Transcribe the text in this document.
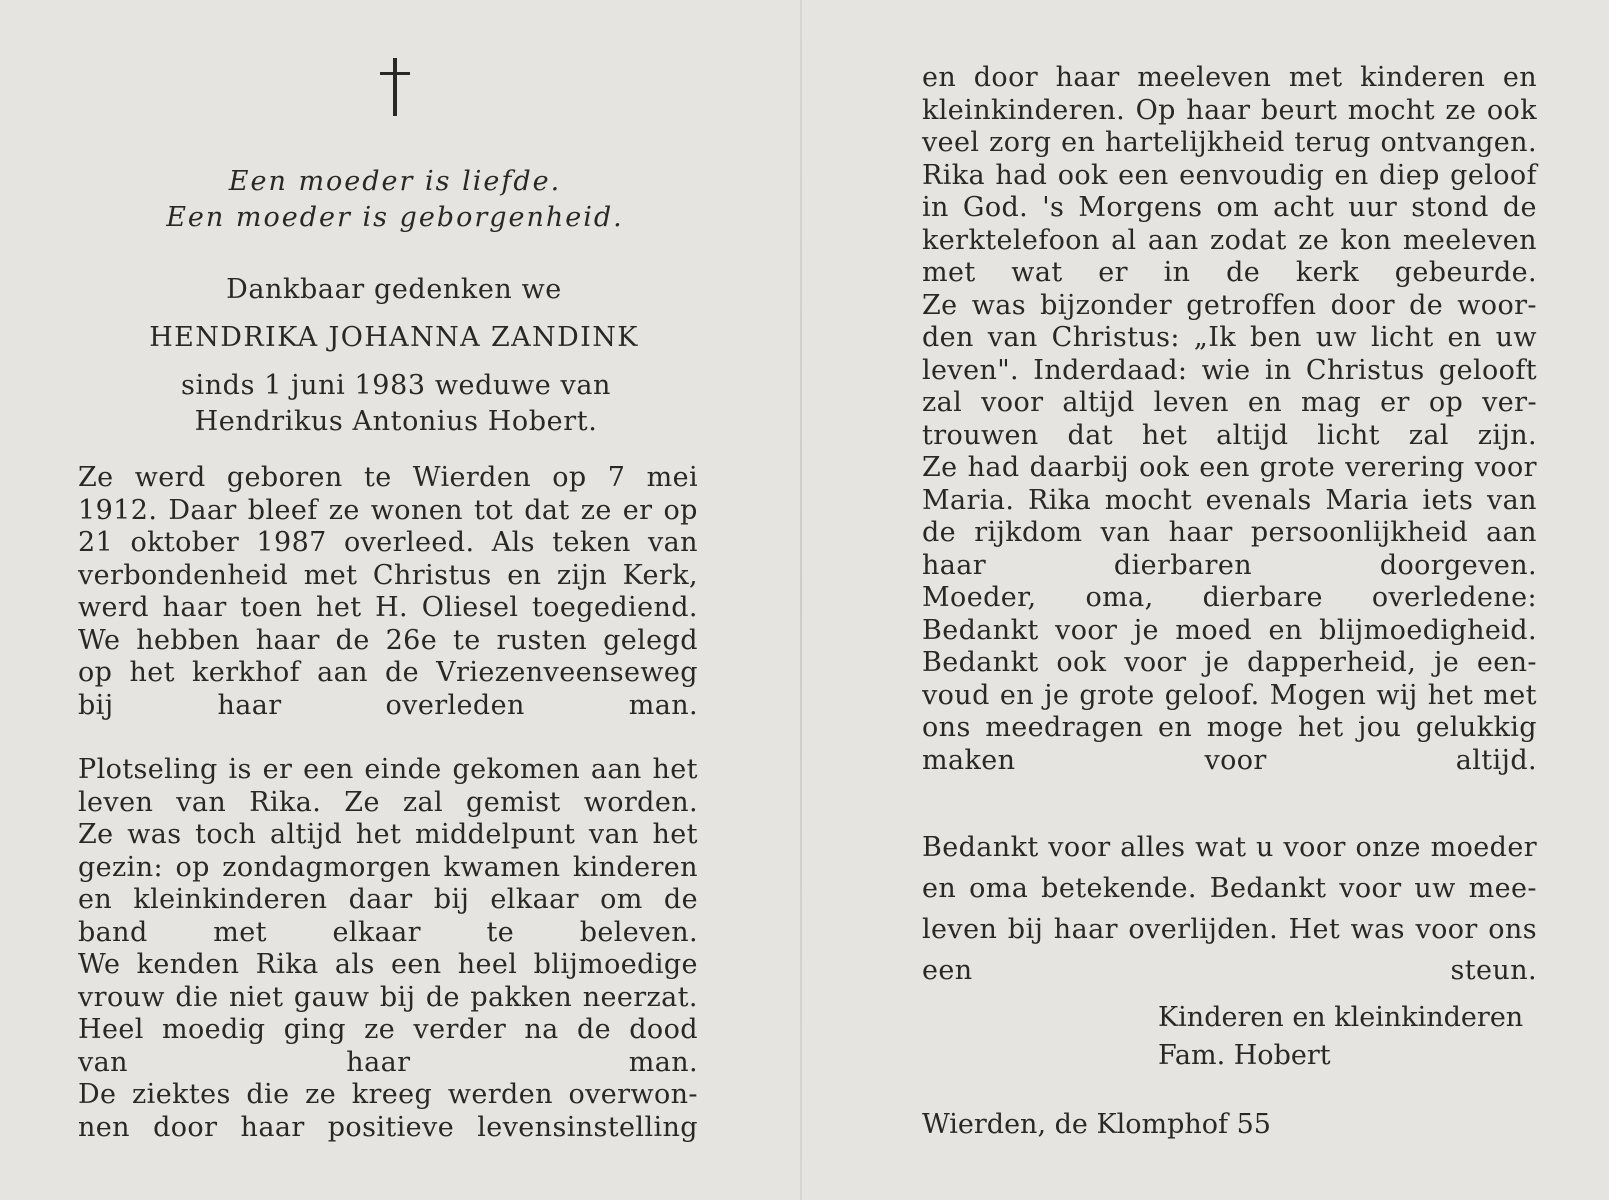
Een moeder is liefde.
Een moeder is geborgenheid.
Dankbaar gedenken we
HENDRIKA JOHANNA ZANDINK
sinds 1 juni 1983 weduwe van
Hendrikus Antonius Hobert.
Ze werd geboren te Wierden op 7 mei
1912. Daar bleef ze wonen tot dat ze er op
21 oktober 1987 overleed. Als teken van
verbondenheid met Christus en zijn Kerk,
werd haar toen het H. Oliesel toegediend.
We hebben haar de 26e te rusten gelegd
op het kerkhof aan de Vriezenveenseweg
bij haar overleden man.
Plotseling is er een einde gekomen aan het
leven van Rika. Ze zal gemist worden.
Ze was toch altijd het middelpunt van het
gezin: op zondagmorgen kwamen kinderen
en kleinkinderen daar bij elkaar om de
band met elkaar te beleven.
We kenden Rika als een heel blijmoedige
vrouw die niet gauw bij de pakken neerzat.
Heel moedig ging ze verder na de dood
van haar man.
De ziektes die ze kreeg werden overwon-
nen door haar positieve levensinstelling
en door haar meeleven met kinderen en
kleinkinderen. Op haar beurt mocht ze ook
veel zorg en hartelijkheid terug ontvangen.
Rika had ook een eenvoudig en diep geloof
in God. 's Morgens om acht uur stond de
kerktelefoon al aan zodat ze kon meeleven
met wat er in de kerk gebeurde.
Ze was bijzonder getroffen door de woor-
den van Christus: „Ik ben uw licht en uw
leven". Inderdaad: wie in Christus gelooft
zal voor altijd leven en mag er op ver-
trouwen dat het altijd licht zal zijn.
Ze had daarbij ook een grote verering voor
Maria. Rika mocht evenals Maria iets van
de rijkdom van haar persoonlijkheid aan
haar dierbaren doorgeven.
Moeder, oma, dierbare overledene:
Bedankt voor je moed en blijmoedigheid.
Bedankt ook voor je dapperheid, je een-
voud en je grote geloof. Mogen wij het met
ons meedragen en moge het jou gelukkig
maken voor altijd.
Bedankt voor alles wat u voor onze moeder
en oma betekende. Bedankt voor uw mee-
leven bij haar overlijden. Het was voor ons
een steun.
Kinderen en kleinkinderen
Fam. Hobert
Wierden, de Klomphof 55
